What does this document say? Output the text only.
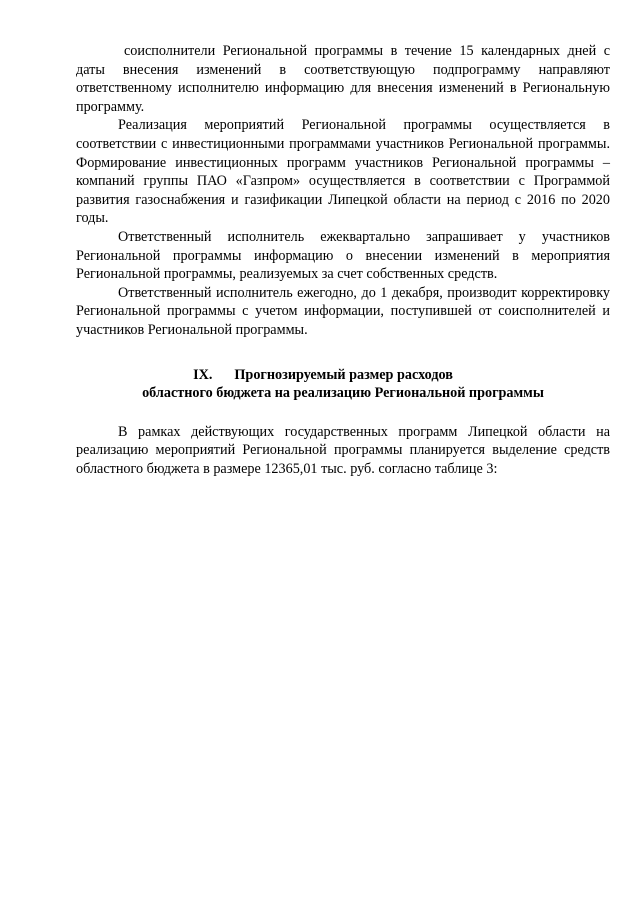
соисполнители Региональной программы в течение 15 календарных дней с даты внесения изменений в соответствующую подпрограмму направляют ответственному исполнителю информацию для внесения изменений в Региональную программу.

Реализация мероприятий Региональной программы осуществляется в соответствии с инвестиционными программами участников Региональной программы. Формирование инвестиционных программ участников Региональной программы – компаний группы ПАО «Газпром» осуществляется в соответствии с Программой развития газоснабжения и газификации Липецкой области на период с 2016 по 2020 годы.

Ответственный исполнитель ежеквартально запрашивает у участников Региональной программы информацию о внесении изменений в мероприятия Региональной программы, реализуемых за счет собственных средств.

Ответственный исполнитель ежегодно, до 1 декабря, производит корректировку Региональной программы с учетом информации, поступившей от соисполнителей и участников Региональной программы.

IX. Прогнозируемый размер расходов
областного бюджета на реализацию Региональной программы

В рамках действующих государственных программ Липецкой области на реализацию мероприятий Региональной программы планируется выделение средств областного бюджета в размере 12365,01 тыс. руб. согласно таблице 3:
